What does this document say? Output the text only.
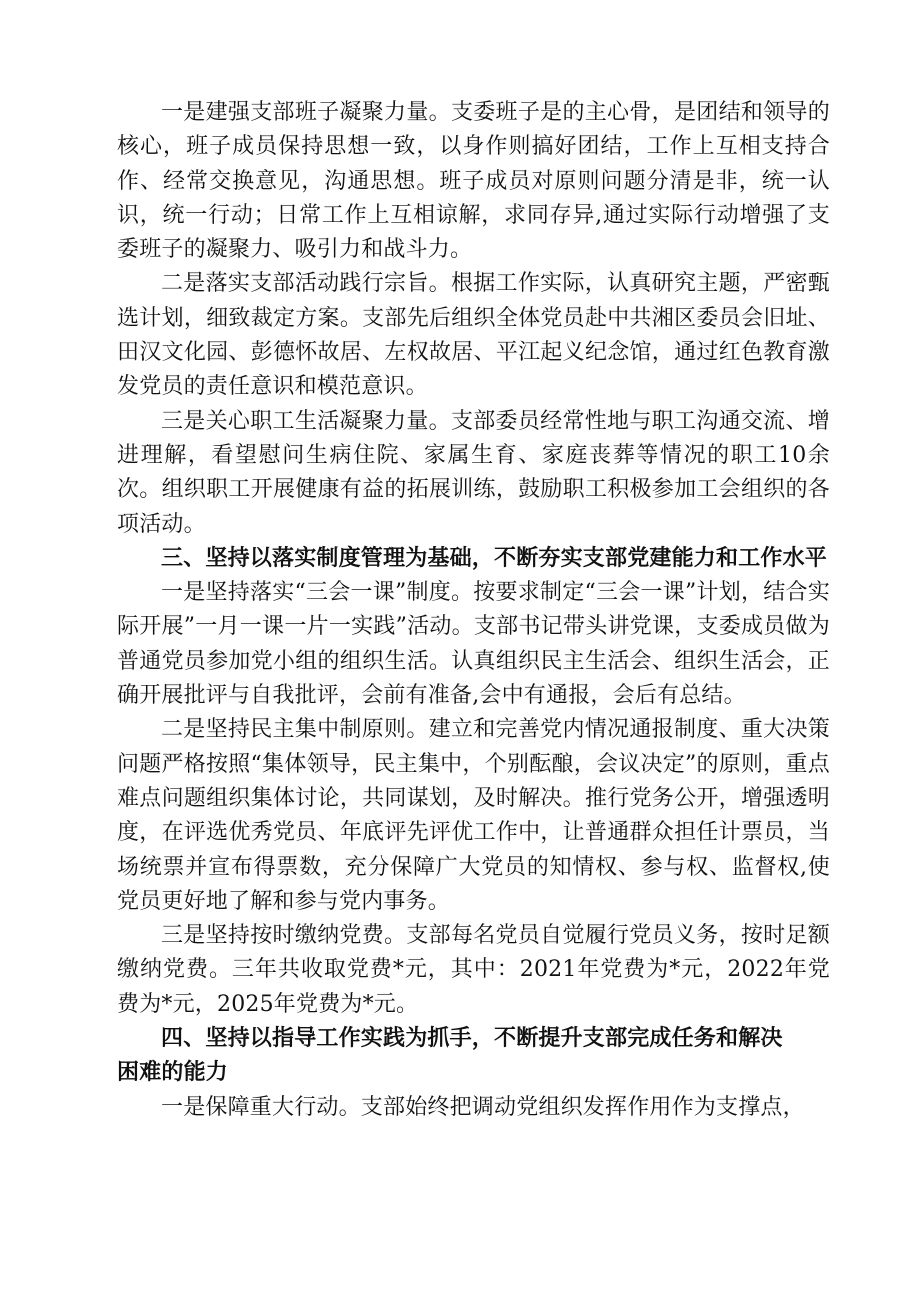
一是建强支部班子凝聚力量。支委班子是的主心骨，是团结和领导的核心，班子成员保持思想一致，以身作则搞好团结，工作上互相支持合作、经常交换意见，沟通思想。班子成员对原则问题分清是非，统一认识，统一行动；日常工作上互相谅解，求同存异,通过实际行动增强了支委班子的凝聚力、吸引力和战斗力。

二是落实支部活动践行宗旨。根据工作实际，认真研究主题，严密甄选计划，细致裁定方案。支部先后组织全体党员赴中共湘区委员会旧址、田汉文化园、彭德怀故居、左权故居、平江起义纪念馆，通过红色教育激发党员的责任意识和模范意识。

三是关心职工生活凝聚力量。支部委员经常性地与职工沟通交流、增进理解，看望慰问生病住院、家属生育、家庭丧葬等情况的职工10余次。组织职工开展健康有益的拓展训练，鼓励职工积极参加工会组织的各项活动。

三、坚持以落实制度管理为基础，不断夯实支部党建能力和工作水平

一是坚持落实“三会一课”制度。按要求制定“三会一课”计划，结合实际开展”一月一课一片一实践”活动。支部书记带头讲党课，支委成员做为普通党员参加党小组的组织生活。认真组织民主生活会、组织生活会，正确开展批评与自我批评，会前有准备,会中有通报，会后有总结。

二是坚持民主集中制原则。建立和完善党内情况通报制度、重大决策问题严格按照“集体领导，民主集中，个别酝酿，会议决定”的原则，重点难点问题组织集体讨论，共同谋划，及时解决。推行党务公开，增强透明度，在评选优秀党员、年底评先评优工作中，让普通群众担任计票员，当场统票并宣布得票数，充分保障广大党员的知情权、参与权、监督权,使党员更好地了解和参与党内事务。

三是坚持按时缴纳党费。支部每名党员自觉履行党员义务，按时足额缴纳党费。三年共收取党费*元，其中：2021年党费为*元，2022年党费为*元，2025年党费为*元。

四、坚持以指导工作实践为抓手，不断提升支部完成任务和解决困难的能力

一是保障重大行动。支部始终把调动党组织发挥作用作为支撑点，
